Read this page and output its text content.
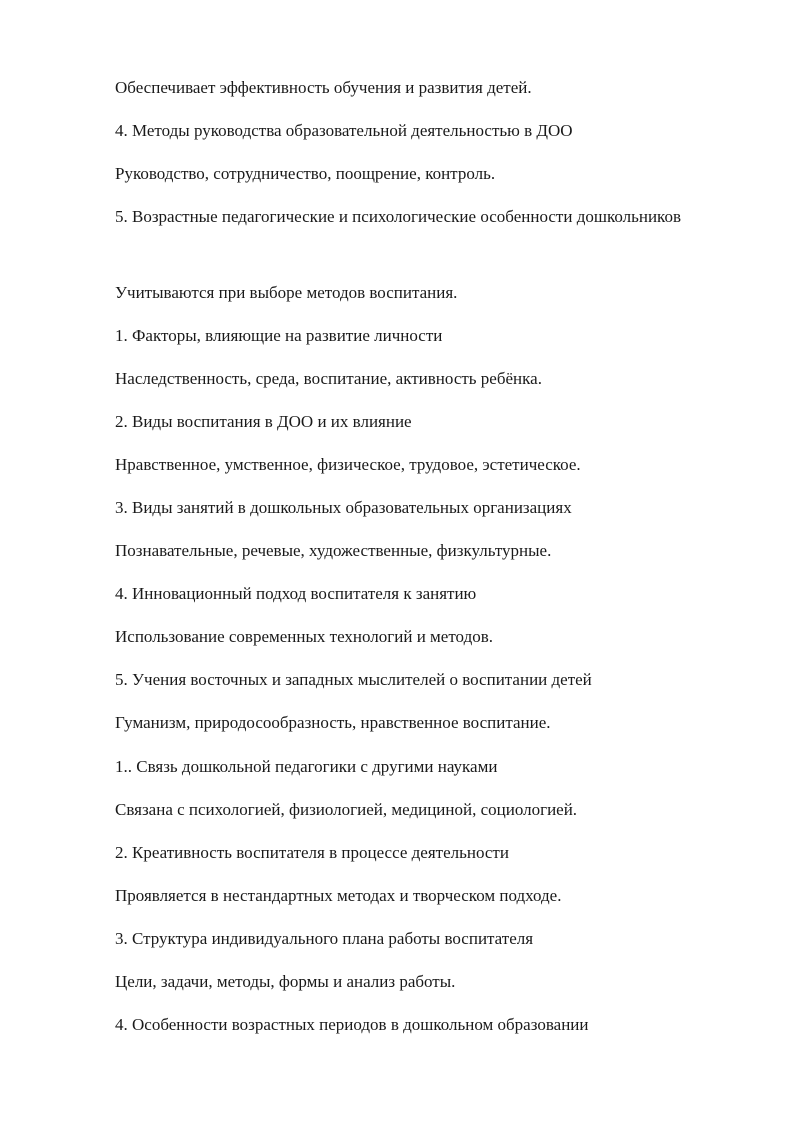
Обеспечивает эффективность обучения и развития детей.
4. Методы руководства образовательной деятельностью в ДОО
Руководство, сотрудничество, поощрение, контроль.
5. Возрастные педагогические и психологические особенности дошкольников
Учитываются при выборе методов воспитания.
1. Факторы, влияющие на развитие личности
Наследственность, среда, воспитание, активность ребёнка.
2. Виды воспитания в ДОО и их влияние
Нравственное, умственное, физическое, трудовое, эстетическое.
3. Виды занятий в дошкольных образовательных организациях
Познавательные, речевые, художественные, физкультурные.
4. Инновационный подход воспитателя к занятию
Использование современных технологий и методов.
5. Учения восточных и западных мыслителей о воспитании детей
Гуманизм, природосообразность, нравственное воспитание.
1.. Связь дошкольной педагогики с другими науками
Связана с психологией, физиологией, медициной, социологией.
2. Креативность воспитателя в процессе деятельности
Проявляется в нестандартных методах и творческом подходе.
3. Структура индивидуального плана работы воспитателя
Цели, задачи, методы, формы и анализ работы.
4. Особенности возрастных периодов в дошкольном образовании
